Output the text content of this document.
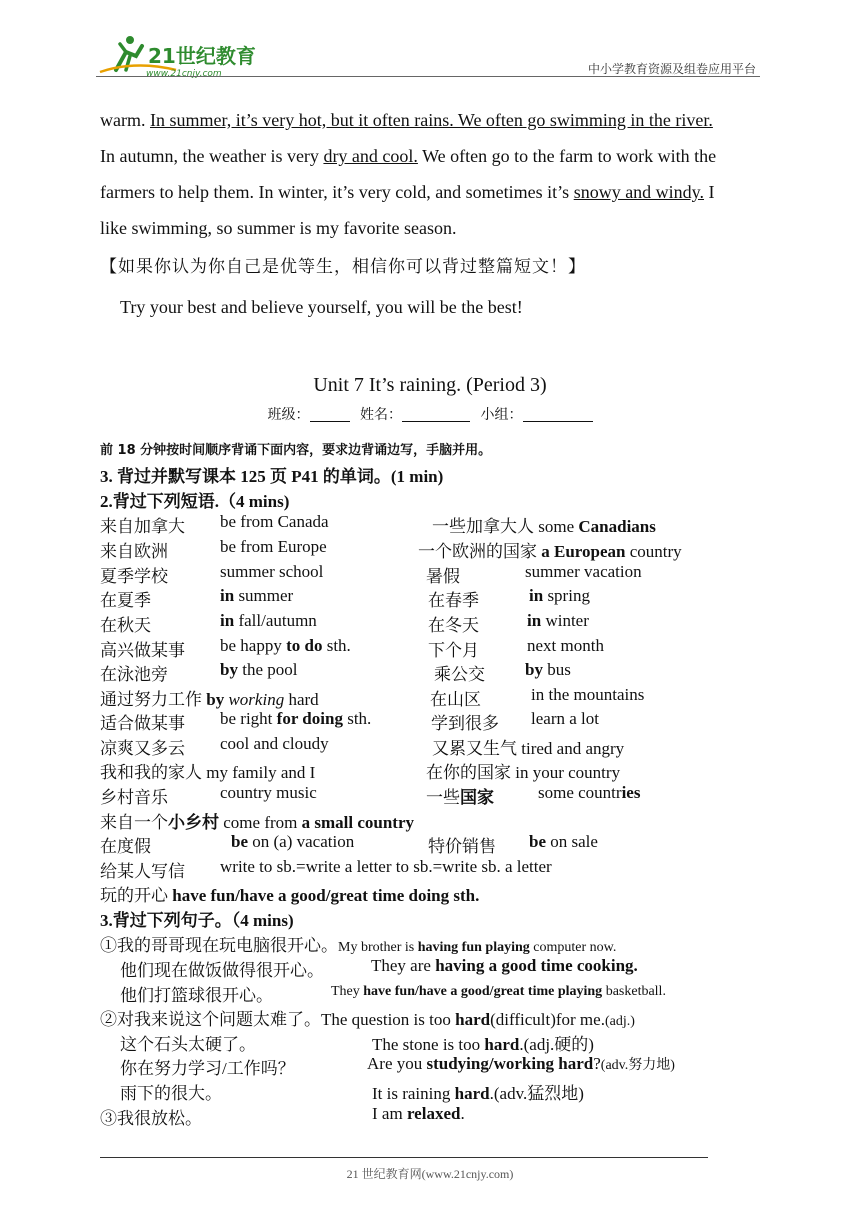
21世纪教育
www.21cnjy.com	中小学教育资源及组卷应用平台
warm. In summer, it’s very hot, but it often rains. We often go swimming in the river.
In autumn, the weather is very dry and cool. We often go to the farm to work with the
farmers to help them. In winter, it’s very cold, and sometimes it’s snowy and windy. I
like swimming, so summer is my favorite season.
【如果你认为你自己是优等生，相信你可以背过整篇短文！】
Try your best and believe yourself, you will be the best!
Unit 7 It’s raining. (Period 3)
班级：	姓名：	小组：
前 18 分钟按时间顺序背诵下面内容，要求边背诵边写，手脑并用。
3. 背过并默写课本 125 页 P41 的单词。(1 min)
2.背过下列短语.（4 mins)
来自加拿大 be from Canada	一些加拿大人 some Canadians
来自欧洲	be from Europe	一个欧洲的国家 a European country
夏季学校	summer school	暑假	summer vacation
在夏季	in summer	在春季	in spring
在秋天	in fall/autumn	在冬天	in winter
高兴做某事 be happy to do sth.	下个月	next month
在泳池旁	by the pool	乘公交 by bus
通过努力工作 by working hard	在山区	in the mountains
适合做某事 be right for doing sth.	学到很多 learn a lot
凉爽又多云 cool and cloudy	又累又生气 tired and angry
我和我的家人 my family and I	在你的国家 in your country
乡村音乐	country music	一些国家	some countries
来自一个小乡村 come from a small country
在度假	be on (a) vacation	特价销售 be on sale
给某人写信 write to sb.=write a letter to sb.=write sb. a letter
玩的开心 have fun/have a good/great time doing sth.
3.背过下列句子。（4 mins)
①我的哥哥现在玩电脑很开心。My brother is having fun playing computer now.
他们现在做饭做得很开心。	They are having a good time cooking.
他们打篮球很开心。	They have fun/have a good/great time playing basketball.
②对我来说这个问题太难了。The question is too hard(difficult)for me.(adj.)
这个石头太硬了。	The stone is too hard.(adj.硬的)
你在努力学习/工作吗？	Are you studying/working hard?(adv.努力地)
雨下的很大。	It is raining hard.(adv.猛烈地)
③我很放松。	I am relaxed.
21 世纪教育网(www.21cnjy.com)
